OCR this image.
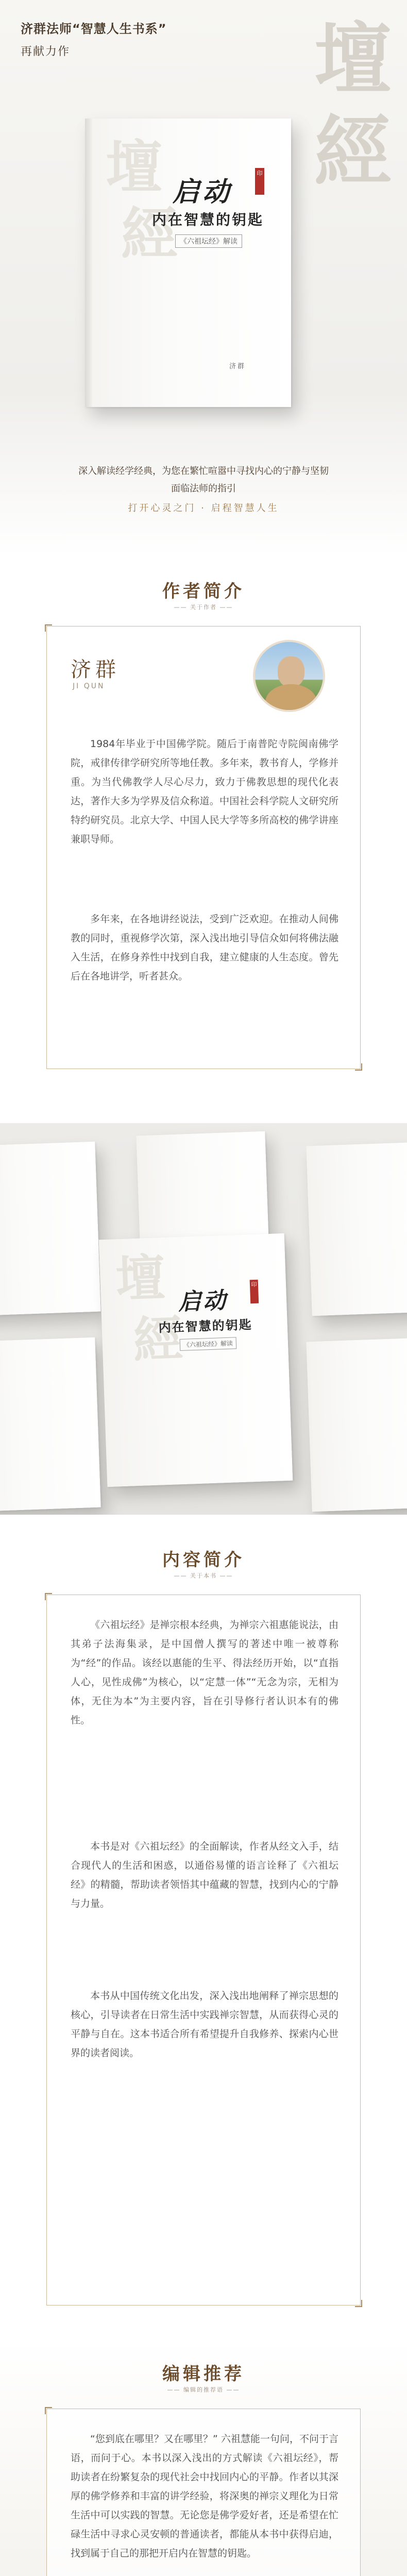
济群法师“智慧人生书系”
再献力作	壇
經
壇
經
启动
内在智慧的钥匙
《六祖坛经》解读
印
济群
深入解读经学经典，为您在繁忙喧嚣中寻找内心的宁静与坚韧
面临法师的指引
打开心灵之门 · 启程智慧人生
作者简介
—— 关于作者 ——
济群
JI QUN
1984年毕业于中国佛学院。随后于南普陀寺院闽南佛学院，戒律传律学研究所等地任教。多年来，教书育人，学修并重。为当代佛教学人尽心尽力，致力于佛教思想的现代化表达，著作大多为学界及信众称道。中国社会科学院人文研究所特约研究员。北京大学、中国人民大学等多所高校的佛学讲座兼职导师。
多年来，在各地讲经说法，受到广泛欢迎。在推动人间佛教的同时，重视修学次第，深入浅出地引导信众如何将佛法融入生活，在修身养性中找到自我，建立健康的人生态度。曾先后在各地讲学，听者甚众。
壇
經
启动
内在智慧的钥匙
《六祖坛经》解读
印
内容简介
—— 关于本书 ——
《六祖坛经》是禅宗根本经典，为禅宗六祖惠能说法，由其弟子法海集录，是中国僧人撰写的著述中唯一被尊称为“经”的作品。该经以惠能的生平、得法经历开始，以“直指人心，见性成佛”为核心，以“定慧一体”“无念为宗，无相为体，无住为本”为主要内容，旨在引导修行者认识本有的佛性。
本书是对《六祖坛经》的全面解读，作者从经文入手，结合现代人的生活和困惑，以通俗易懂的语言诠释了《六祖坛经》的精髓，帮助读者领悟其中蕴藏的智慧，找到内心的宁静与力量。
本书从中国传统文化出发，深入浅出地阐释了禅宗思想的核心，引导读者在日常生活中实践禅宗智慧，从而获得心灵的平静与自在。这本书适合所有希望提升自我修养、探索内心世界的读者阅读。
编辑推荐
—— 编辑的推荐语 ——
“您到底在哪里？又在哪里？” 六祖慧能一句问，不问于言语，而问于心。本书以深入浅出的方式解读《六祖坛经》，帮助读者在纷繁复杂的现代社会中找回内心的平静。作者以其深厚的佛学修养和丰富的讲学经验，将深奥的禅宗义理化为日常生活中可以实践的智慧。无论您是佛学爱好者，还是希望在忙碌生活中寻求心灵安顿的普通读者，都能从本书中获得启迪，找到属于自己的那把开启内在智慧的钥匙。
